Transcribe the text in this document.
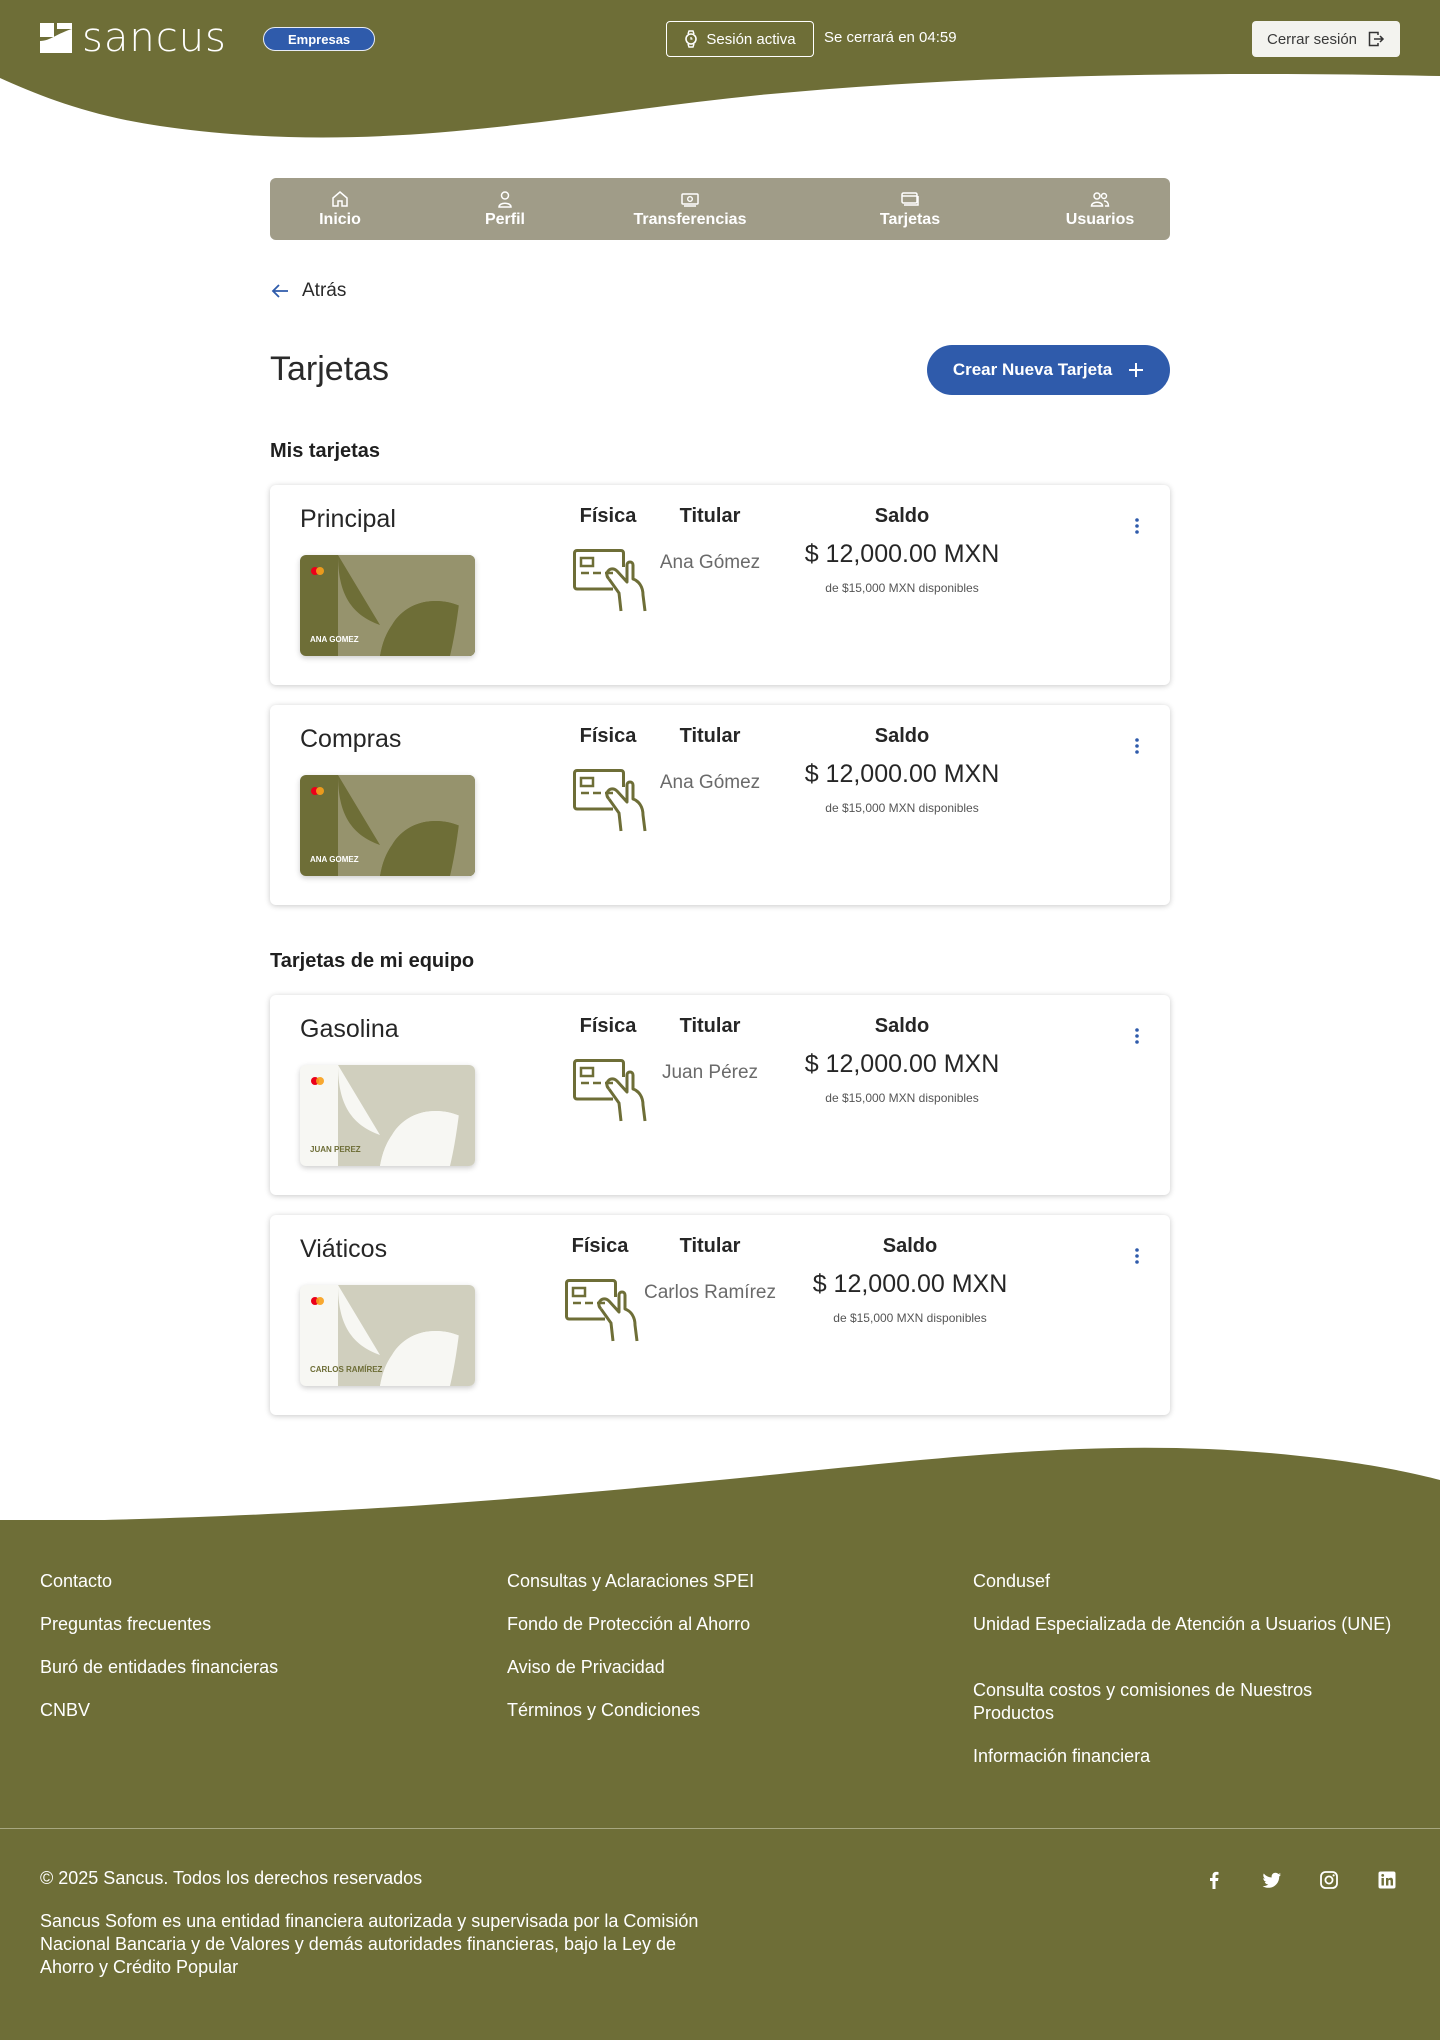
sancus	Empresas	Sesión activa Se cerrará en 04:59	Cerrar sesión
Inicio	Perfil	Transferencias	Tarjetas	Usuarios
Atrás
Tarjetas	Crear Nueva Tarjeta
Mis tarjetas
Tarjetas de mi equipo
Principal
ANA GOMEZ
Física	Titular
Ana Gómez
Saldo
$ 12,000.00 MXN
de $15,000 MXN disponibles
Compras
ANA GOMEZ
Física	Titular
Ana Gómez
Saldo
$ 12,000.00 MXN
de $15,000 MXN disponibles
Gasolina
JUAN PEREZ
Física	Titular
Juan Pérez
Saldo
$ 12,000.00 MXN
de $15,000 MXN disponibles
Viáticos
CARLOS RAMÍREZ
Física	Titular
Carlos Ramírez
Saldo
$ 12,000.00 MXN
de $15,000 MXN disponibles
Contacto
Preguntas frecuentes
Buró de entidades financieras
CNBV
Consultas y Aclaraciones SPEI
Fondo de Protección al Ahorro
Aviso de Privacidad
Términos y Condiciones
Condusef
Unidad Especializada de Atención a Usuarios (UNE)
Consulta costos y comisiones de Nuestros Productos
Información financiera
© 2025 Sancus. Todos los derechos reservados
Sancus Sofom es una entidad financiera autorizada y supervisada por la Comisión Nacional Bancaria y de Valores y demás autoridades financieras, bajo la Ley de Ahorro y Crédito Popular
